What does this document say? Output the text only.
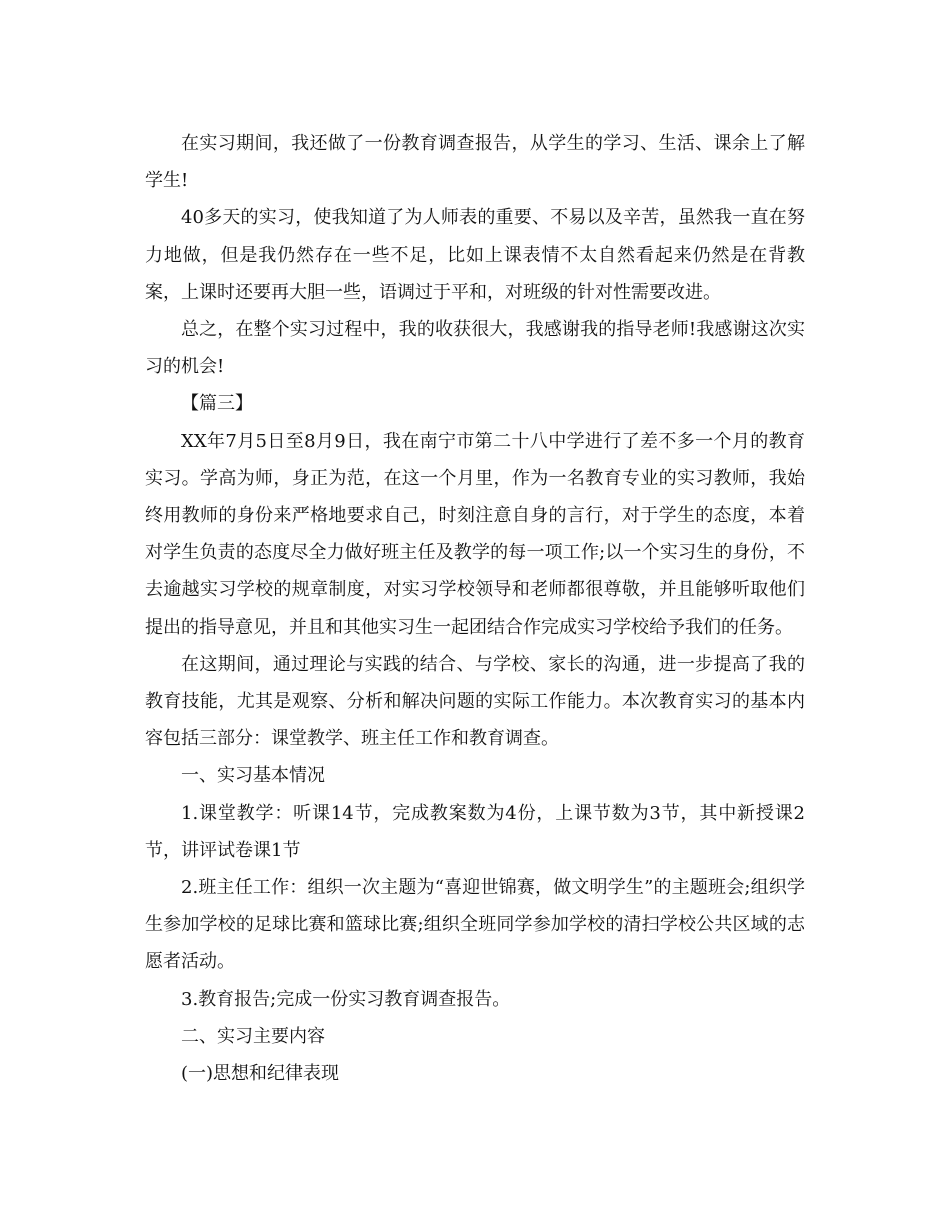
在实习期间，我还做了一份教育调查报告，从学生的学习、生活、课余上了解学生!

40多天的实习，使我知道了为人师表的重要、不易以及辛苦，虽然我一直在努力地做，但是我仍然存在一些不足，比如上课表情不太自然看起来仍然是在背教案，上课时还要再大胆一些，语调过于平和，对班级的针对性需要改进。

总之，在整个实习过程中，我的收获很大，我感谢我的指导老师!我感谢这次实习的机会!

【篇三】

XX年7月5日至8月9日，我在南宁市第二十八中学进行了差不多一个月的教育实习。学高为师，身正为范，在这一个月里，作为一名教育专业的实习教师，我始终用教师的身份来严格地要求自己，时刻注意自身的言行，对于学生的态度，本着对学生负责的态度尽全力做好班主任及教学的每一项工作;以一个实习生的身份，不去逾越实习学校的规章制度，对实习学校领导和老师都很尊敬，并且能够听取他们提出的指导意见，并且和其他实习生一起团结合作完成实习学校给予我们的任务。

在这期间，通过理论与实践的结合、与学校、家长的沟通，进一步提高了我的教育技能，尤其是观察、分析和解决问题的实际工作能力。本次教育实习的基本内容包括三部分：课堂教学、班主任工作和教育调查。

一、实习基本情况

1.课堂教学：听课14节，完成教案数为4份，上课节数为3节，其中新授课2节，讲评试卷课1节

2.班主任工作：组织一次主题为“喜迎世锦赛，做文明学生”的主题班会;组织学生参加学校的足球比赛和篮球比赛;组织全班同学参加学校的清扫学校公共区域的志愿者活动。

3.教育报告;完成一份实习教育调查报告。

二、实习主要内容

(一)思想和纪律表现
